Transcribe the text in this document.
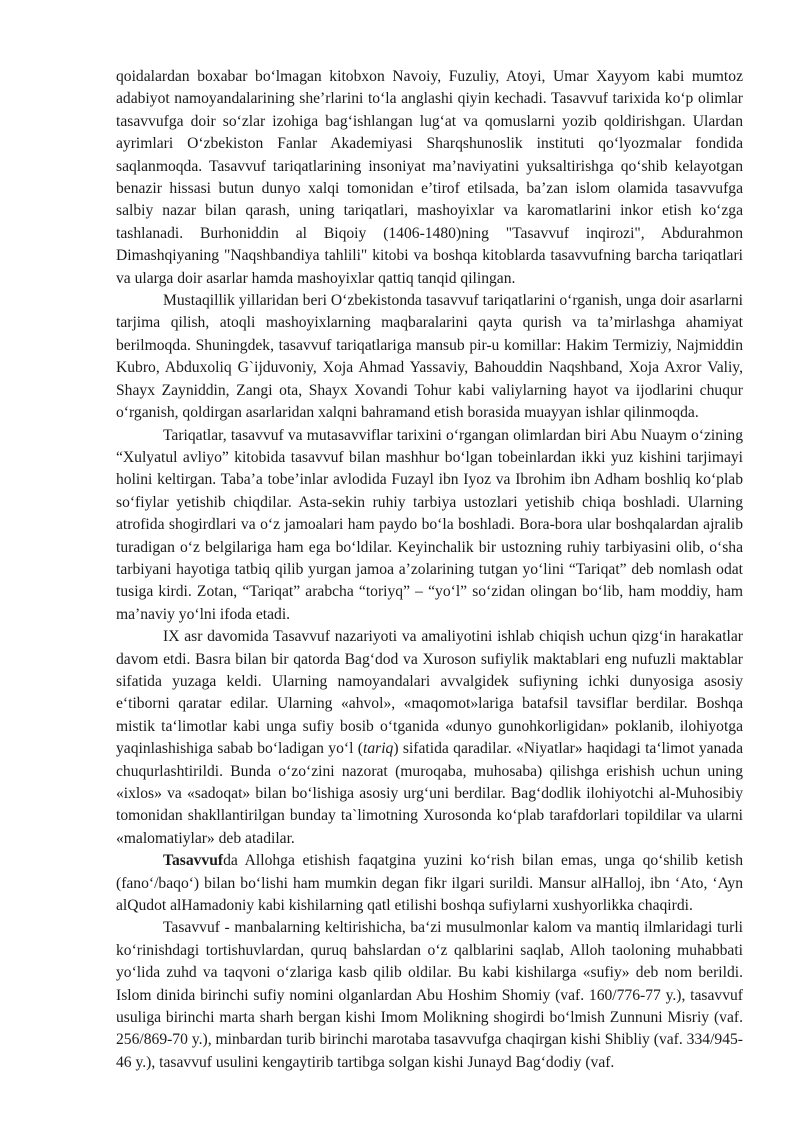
qoidalardan boxabar bo‘lmagan kitobxon Navoiy, Fuzuliy, Atoyi, Umar Xayyom kabi mumtoz adabiyot namoyandalarining she’rlarini to‘la anglashi qiyin kechadi. Tasavvuf tarixida ko‘p olimlar tasavvufga doir so‘zlar izohiga bag‘ishlangan lug‘at va qomuslarni yozib qoldirishgan. Ulardan ayrimlari O‘zbekiston Fanlar Akademiyasi Sharqshunoslik instituti qo‘lyozmalar fondida saqlanmoqda. Tasavvuf tariqatlarining insoniyat ma’naviyatini yuksaltirishga qo‘shib kelayotgan benazir hissasi butun dunyo xalqi tomonidan e’tirof etilsada, ba’zan islom olamida tasavvufga salbiy nazar bilan qarash, uning tariqatlari, mashoyixlar va karomatlarini inkor etish ko‘zga tashlanadi. Burhoniddin al Biqoiy (1406-1480)ning "Tasavvuf inqirozi", Abdurahmon Dimashqiyaning "Naqshbandiya tahlili" kitobi va boshqa kitoblarda tasavvufning barcha tariqatlari va ularga doir asarlar hamda mashoyixlar qattiq tanqid qilingan.

Mustaqillik yillaridan beri O‘zbekistonda tasavvuf tariqatlarini o‘rganish, unga doir asarlarni tarjima qilish, atoqli mashoyixlarning maqbaralarini qayta qurish va ta’mirlashga ahamiyat berilmoqda. Shuningdek, tasavvuf tariqatlariga mansub pir-u komillar: Hakim Termiziy, Najmiddin Kubro, Abduxoliq G`ijduvoniy, Xoja Ahmad Yassaviy, Bahouddin Naqshband, Xoja Axror Valiy, Shayx Zayniddin, Zangi ota, Shayx Xovandi Tohur kabi valiylarning hayot va ijodlarini chuqur o‘rganish, qoldirgan asarlaridan xalqni bahramand etish borasida muayyan ishlar qilinmoqda.

Tariqatlar, tasavvuf va mutasavviflar tarixini o‘rgangan olimlardan biri Abu Nuaym o‘zining “Xulyatul avliyo” kitobida tasavvuf bilan mashhur bo‘lgan tobeinlardan ikki yuz kishini tarjimayi holini keltirgan. Taba’a tobe’inlar avlodida Fuzayl ibn Iyoz va Ibrohim ibn Adham boshliq ko‘plab so‘fiylar yetishib chiqdilar. Asta-sekin ruhiy tarbiya ustozlari yetishib chiqa boshladi. Ularning atrofida shogirdlari va o‘z jamoalari ham paydo bo‘la boshladi. Bora-bora ular boshqalardan ajralib turadigan o‘z belgilariga ham ega bo‘ldilar. Keyinchalik bir ustozning ruhiy tarbiyasini olib, o‘sha tarbiyani hayotiga tatbiq qilib yurgan jamoa a’zolarining tutgan yo‘lini “Tariqat” deb nomlash odat tusiga kirdi. Zotan, “Tariqat” arabcha “toriyq” – “yo‘l” so‘zidan olingan bo‘lib, ham moddiy, ham ma’naviy yo‘lni ifoda etadi.

IX asr davomida Tasavvuf nazariyoti va amaliyotini ishlab chiqish uchun qizg‘in harakatlar davom etdi. Basra bilan bir qatorda Bag‘dod va Xuroson sufiylik maktablari eng nufuzli maktablar sifatida yuzaga keldi. Ularning namoyandalari avvalgidek sufiyning ichki dunyosiga asosiy e‘tiborni qaratar edilar. Ularning «ahvol», «maqomot»lariga batafsil tavsiflar berdilar. Boshqa mistik ta‘limotlar kabi unga sufiy bosib o‘tganida «dunyo gunohkorligidan» poklanib, ilohiyotga yaqinlashishiga sabab bo‘ladigan yo‘l (tariq) sifatida qaradilar. «Niyatlar» haqidagi ta‘limot yanada chuqurlashtirildi. Bunda o‘zo‘zini nazorat (muroqaba, muhosaba) qilishga erishish uchun uning «ixlos» va «sadoqat» bilan bo‘lishiga asosiy urg‘uni berdilar. Bag‘dodlik ilohiyotchi al-Muhosibiy tomonidan shakllantirilgan bunday ta`limotning Xurosonda ko‘plab tarafdorlari topildilar va ularni «malomatiylar» deb atadilar.

Tasavvufda Allohga etishish faqatgina yuzini ko‘rish bilan emas, unga qo‘shilib ketish (fano‘/baqo‘) bilan bo‘lishi ham mumkin degan fikr ilgari surildi. Mansur alHalloj, ibn ‘Ato, ‘Ayn alQudot alHamadoniy kabi kishilarning qatl etilishi boshqa sufiylarni xushyorlikka chaqirdi.

Tasavvuf - manbalarning keltirishicha, ba‘zi musulmonlar kalom va mantiq ilmlaridagi turli ko‘rinishdagi tortishuvlardan, quruq bahslardan o‘z qalblarini saqlab, Alloh taoloning muhabbati yo‘lida zuhd va taqvoni o‘zlariga kasb qilib oldilar. Bu kabi kishilarga «sufiy» deb nom berildi. Islom dinida birinchi sufiy nomini olganlardan Abu Hoshim Shomiy (vaf. 160/776-77 y.), tasavvuf usuliga birinchi marta sharh bergan kishi Imom Molikning shogirdi bo‘lmish Zunnuni Misriy (vaf. 256/869-70 y.), minbardan turib birinchi marotaba tasavvufga chaqirgan kishi Shibliy (vaf. 334/945-46 y.), tasavvuf usulini kengaytirib tartibga solgan kishi Junayd Bag‘dodiy (vaf.
